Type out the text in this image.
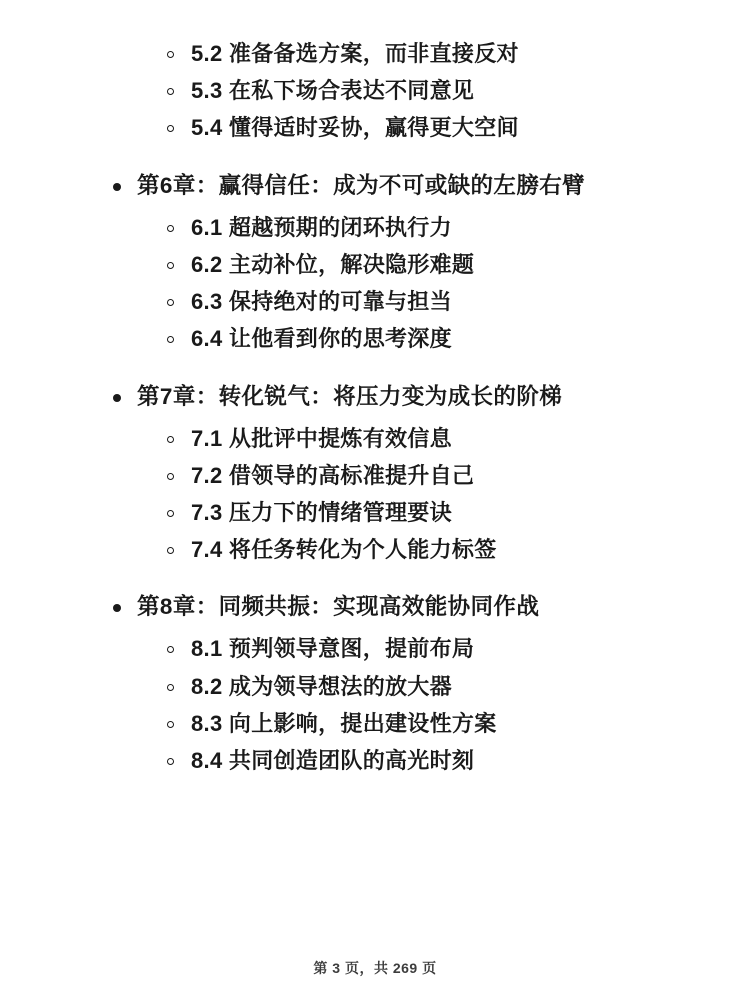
5.2 准备备选方案，而非直接反对
5.3 在私下场合表达不同意见
5.4 懂得适时妥协，赢得更大空间
第6章：赢得信任：成为不可或缺的左膀右臂
6.1 超越预期的闭环执行力
6.2 主动补位，解决隐形难题
6.3 保持绝对的可靠与担当
6.4 让他看到你的思考深度
第7章：转化锐气：将压力变为成长的阶梯
7.1 从批评中提炼有效信息
7.2 借领导的高标准提升自己
7.3 压力下的情绪管理要诀
7.4 将任务转化为个人能力标签
第8章：同频共振：实现高效能协同作战
8.1 预判领导意图，提前布局
8.2 成为领导想法的放大器
8.3 向上影响，提出建设性方案
8.4 共同创造团队的高光时刻
第 3 页，共 269 页
